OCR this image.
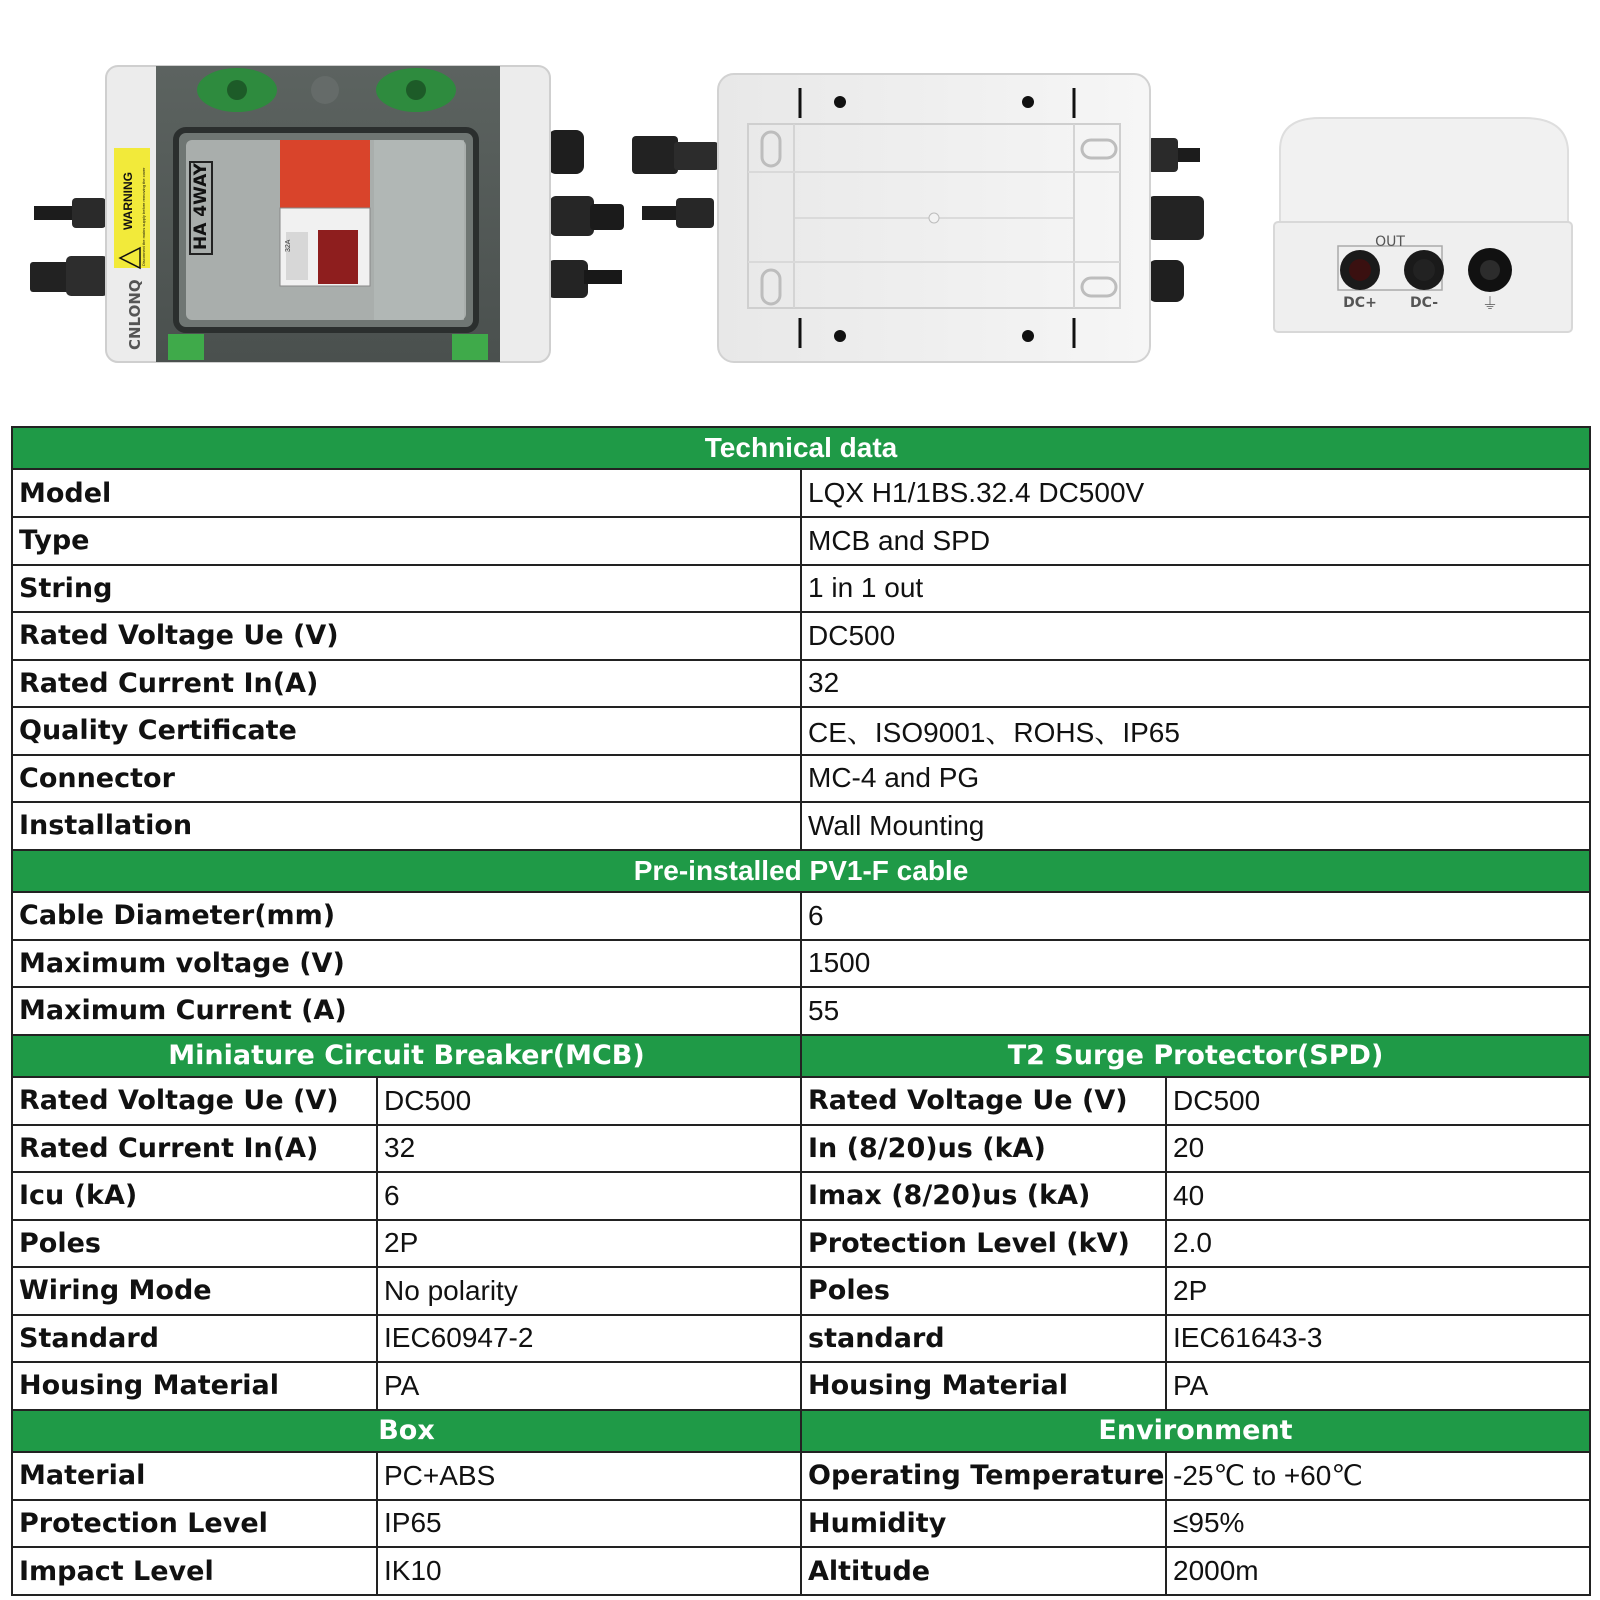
32A
HA 4WAY
WARNING Disconnect the mains supply before removing the cover
CNLONQ
OUT
DC+ DC-	⏚
Technical data			
Model		LQX H1/1BS.32.4 DC500V	
Type		MCB and SPD	
String		1 in 1 out	
Rated Voltage Ue (V)		DC500	
Rated Current In(A)		32	
Quality Certificate		CE、ISO9001、ROHS、IP65	
Connector		MC-4 and PG	
Installation		Wall Mounting	
Pre-installed PV1-F cable			
Cable Diameter(mm)		6	
Maximum voltage (V)		1500	
Maximum Current (A)		55	
Miniature Circuit Breaker(MCB)		T2 Surge Protector(SPD)	
Rated Voltage Ue (V)	DC500	Rated Voltage Ue (V)	DC500
Rated Current In(A)	32	In (8/20)us (kA)	20
Icu (kA)	6	Imax (8/20)us (kA)	40
Poles	2P	Protection Level (kV)	2.0
Wiring Mode	No polarity	Poles	2P
Standard	IEC60947-2	standard	IEC61643-3
Housing Material	PA	Housing Material	PA
Box		Environment	
Material	PC+ABS	Operating Temperature	-25℃ to +60℃
Protection Level	IP65	Humidity	≤95%
Impact Level	IK10	Altitude	2000m
